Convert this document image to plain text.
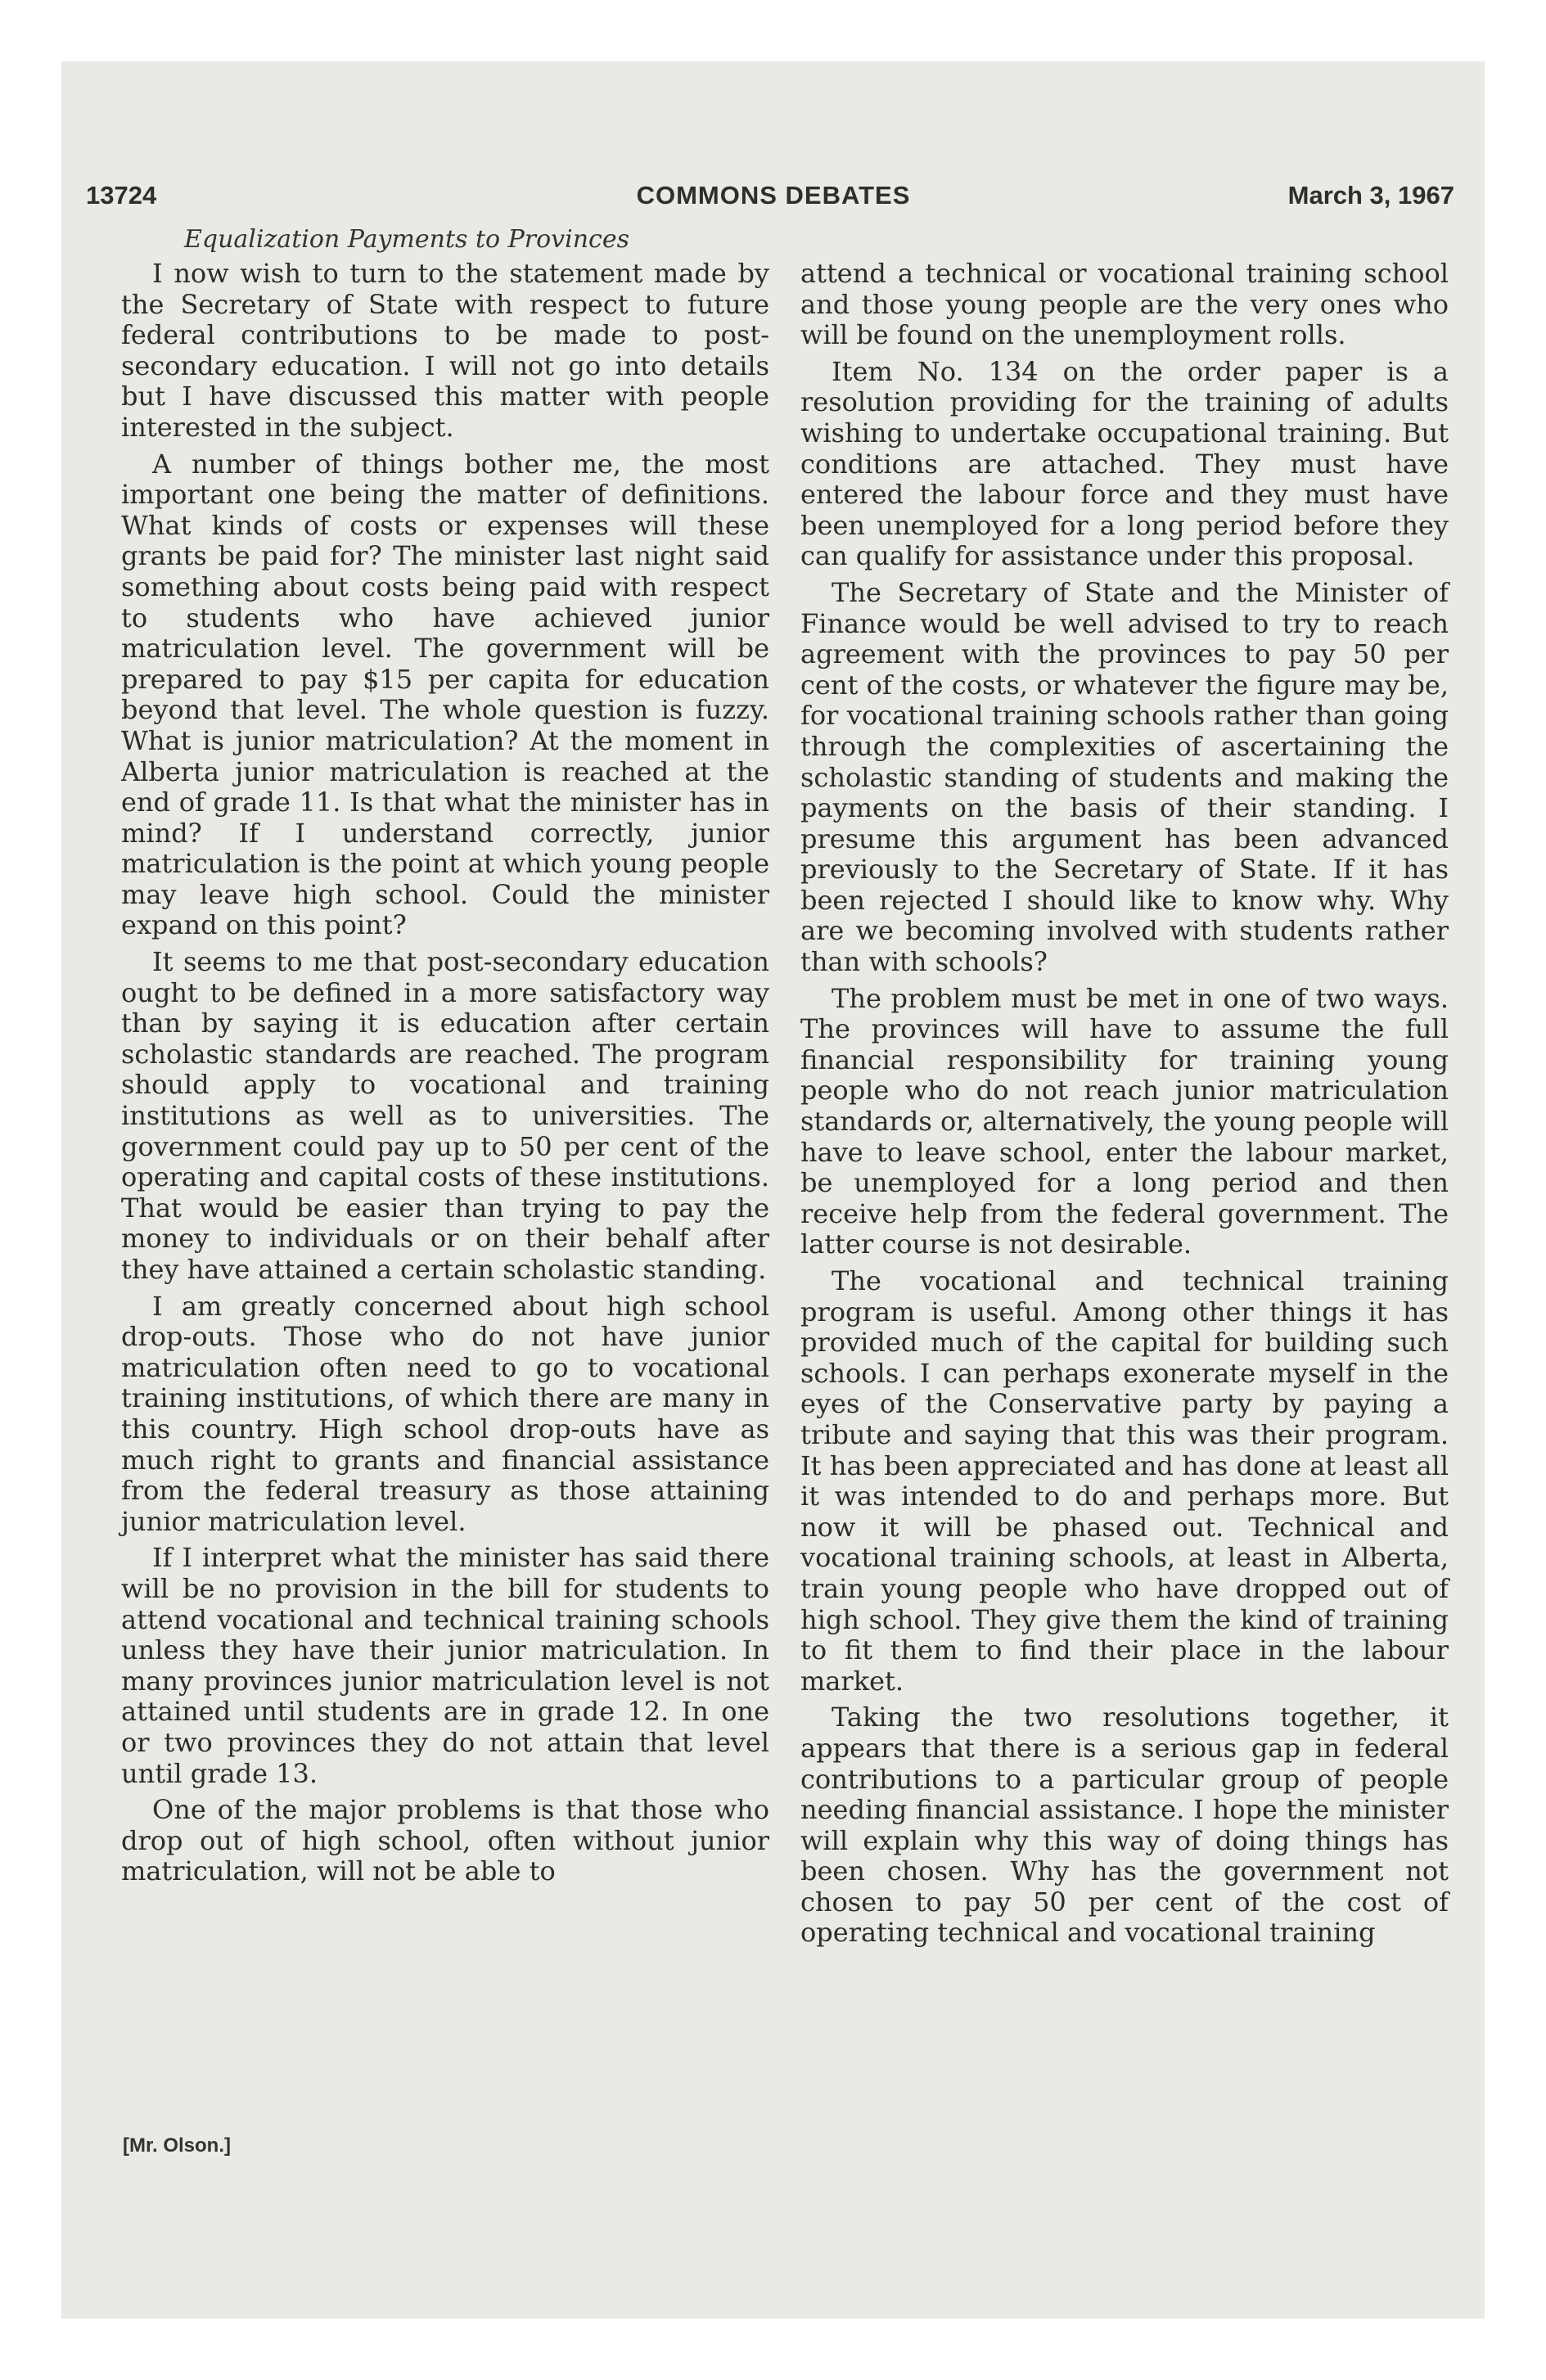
13724	COMMONS DEBATES	March 3, 1967
Equalization Payments to Provinces

I now wish to turn to the statement made by the Secretary of State with respect to future federal contributions to be made to post-secondary education. I will not go into details but I have discussed this matter with people interested in the subject.

A number of things bother me, the most important one being the matter of definitions. What kinds of costs or expenses will these grants be paid for? The minister last night said something about costs being paid with respect to students who have achieved junior matriculation level. The government will be prepared to pay $15 per capita for education beyond that level. The whole question is fuzzy. What is junior matriculation? At the moment in Alberta junior matriculation is reached at the end of grade 11. Is that what the minister has in mind? If I understand correctly, junior matriculation is the point at which young people may leave high school. Could the minister expand on this point?

It seems to me that post-secondary education ought to be defined in a more satisfactory way than by saying it is education after certain scholastic standards are reached. The program should apply to vocational and training institutions as well as to universities. The government could pay up to 50 per cent of the operating and capital costs of these institutions. That would be easier than trying to pay the money to individuals or on their behalf after they have attained a certain scholastic standing.

I am greatly concerned about high school drop-outs. Those who do not have junior matriculation often need to go to vocational training institutions, of which there are many in this country. High school drop-outs have as much right to grants and financial assistance from the federal treasury as those attaining junior matriculation level.

If I interpret what the minister has said there will be no provision in the bill for students to attend vocational and technical training schools unless they have their junior matriculation. In many provinces junior matriculation level is not attained until students are in grade 12. In one or two provinces they do not attain that level until grade 13.

One of the major problems is that those who drop out of high school, often without junior matriculation, will not be able to

attend a technical or vocational training school and those young people are the very ones who will be found on the unemployment rolls.

Item No. 134 on the order paper is a resolution providing for the training of adults wishing to undertake occupational training. But conditions are attached. They must have entered the labour force and they must have been unemployed for a long period before they can qualify for assistance under this proposal.

The Secretary of State and the Minister of Finance would be well advised to try to reach agreement with the provinces to pay 50 per cent of the costs, or whatever the figure may be, for vocational training schools rather than going through the complexities of ascertaining the scholastic standing of students and making the payments on the basis of their standing. I presume this argument has been advanced previously to the Secretary of State. If it has been rejected I should like to know why. Why are we becoming involved with students rather than with schools?

The problem must be met in one of two ways. The provinces will have to assume the full financial responsibility for training young people who do not reach junior matriculation standards or, alternatively, the young people will have to leave school, enter the labour market, be unemployed for a long period and then receive help from the federal government. The latter course is not desirable.

The vocational and technical training program is useful. Among other things it has provided much of the capital for building such schools. I can perhaps exonerate myself in the eyes of the Conservative party by paying a tribute and saying that this was their program. It has been appreciated and has done at least all it was intended to do and perhaps more. But now it will be phased out. Technical and vocational training schools, at least in Alberta, train young people who have dropped out of high school. They give them the kind of training to fit them to find their place in the labour market.

Taking the two resolutions together, it appears that there is a serious gap in federal contributions to a particular group of people needing financial assistance. I hope the minister will explain why this way of doing things has been chosen. Why has the government not chosen to pay 50 per cent of the cost of operating technical and vocational training

[Mr. Olson.]
